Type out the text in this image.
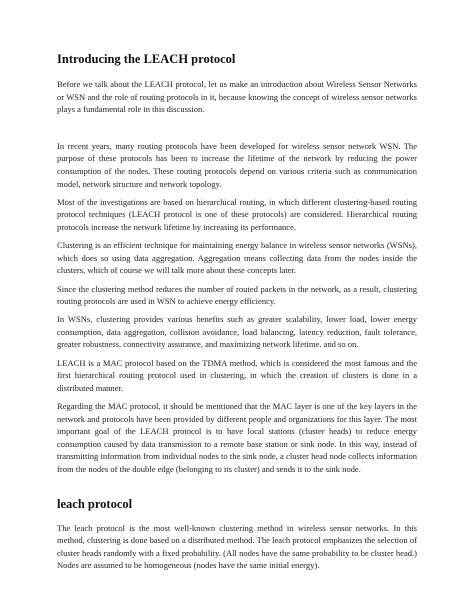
Introducing the LEACH protocol

Before we talk about the LEACH protocol, let us make an introduction about Wireless Sensor Networks or WSN and the role of routing protocols in it, because knowing the concept of wireless sensor networks plays a fundamental role in this discussion.

In recent years, many routing protocols have been developed for wireless sensor network WSN. The purpose of these protocols has been to increase the lifetime of the network by reducing the power consumption of the nodes. These routing protocols depend on various criteria such as communication model, network structure and network topology.

Most of the investigations are based on hierarchical routing, in which different clustering-based routing protocol techniques (LEACH protocol is one of these protocols) are considered. Hierarchical routing protocols increase the network lifetime by increasing its performance.

Clustering is an efficient technique for maintaining energy balance in wireless sensor networks (WSNs), which does so using data aggregation. Aggregation means collecting data from the nodes inside the clusters, which of course we will talk more about these concepts later.

Since the clustering method reduces the number of routed packets in the network, as a result, clustering routing protocols are used in WSN to achieve energy efficiency.

In WSNs, clustering provides various benefits such as greater scalability, lower load, lower energy consumption, data aggregation, collision avoidance, load balancing, latency reduction, fault tolerance, greater robustness, connectivity assurance, and maximizing network lifetime. and so on.

LEACH is a MAC protocol based on the TDMA method, which is considered the most famous and the first hierarchical routing protocol used in clustering, in which the creation of clusters is done in a distributed manner.

Regarding the MAC protocol, it should be mentioned that the MAC layer is one of the key layers in the network and protocols have been provided by different people and organizations for this layer. The most important goal of the LEACH protocol is to have local stations (cluster heads) to reduce energy consumption caused by data transmission to a remote base station or sink node. In this way, instead of transmitting information from individual nodes to the sink node, a cluster head node collects information from the nodes of the double edge (belonging to its cluster) and sends it to the sink node.

leach protocol

The leach protocol is the most well-known clustering method in wireless sensor networks. In this method, clustering is done based on a distributed method. The leach protocol emphasizes the selection of cluster heads randomly with a fixed probability. (All nodes have the same probability to be cluster head.) Nodes are assumed to be homogeneous (nodes have the same initial energy).
